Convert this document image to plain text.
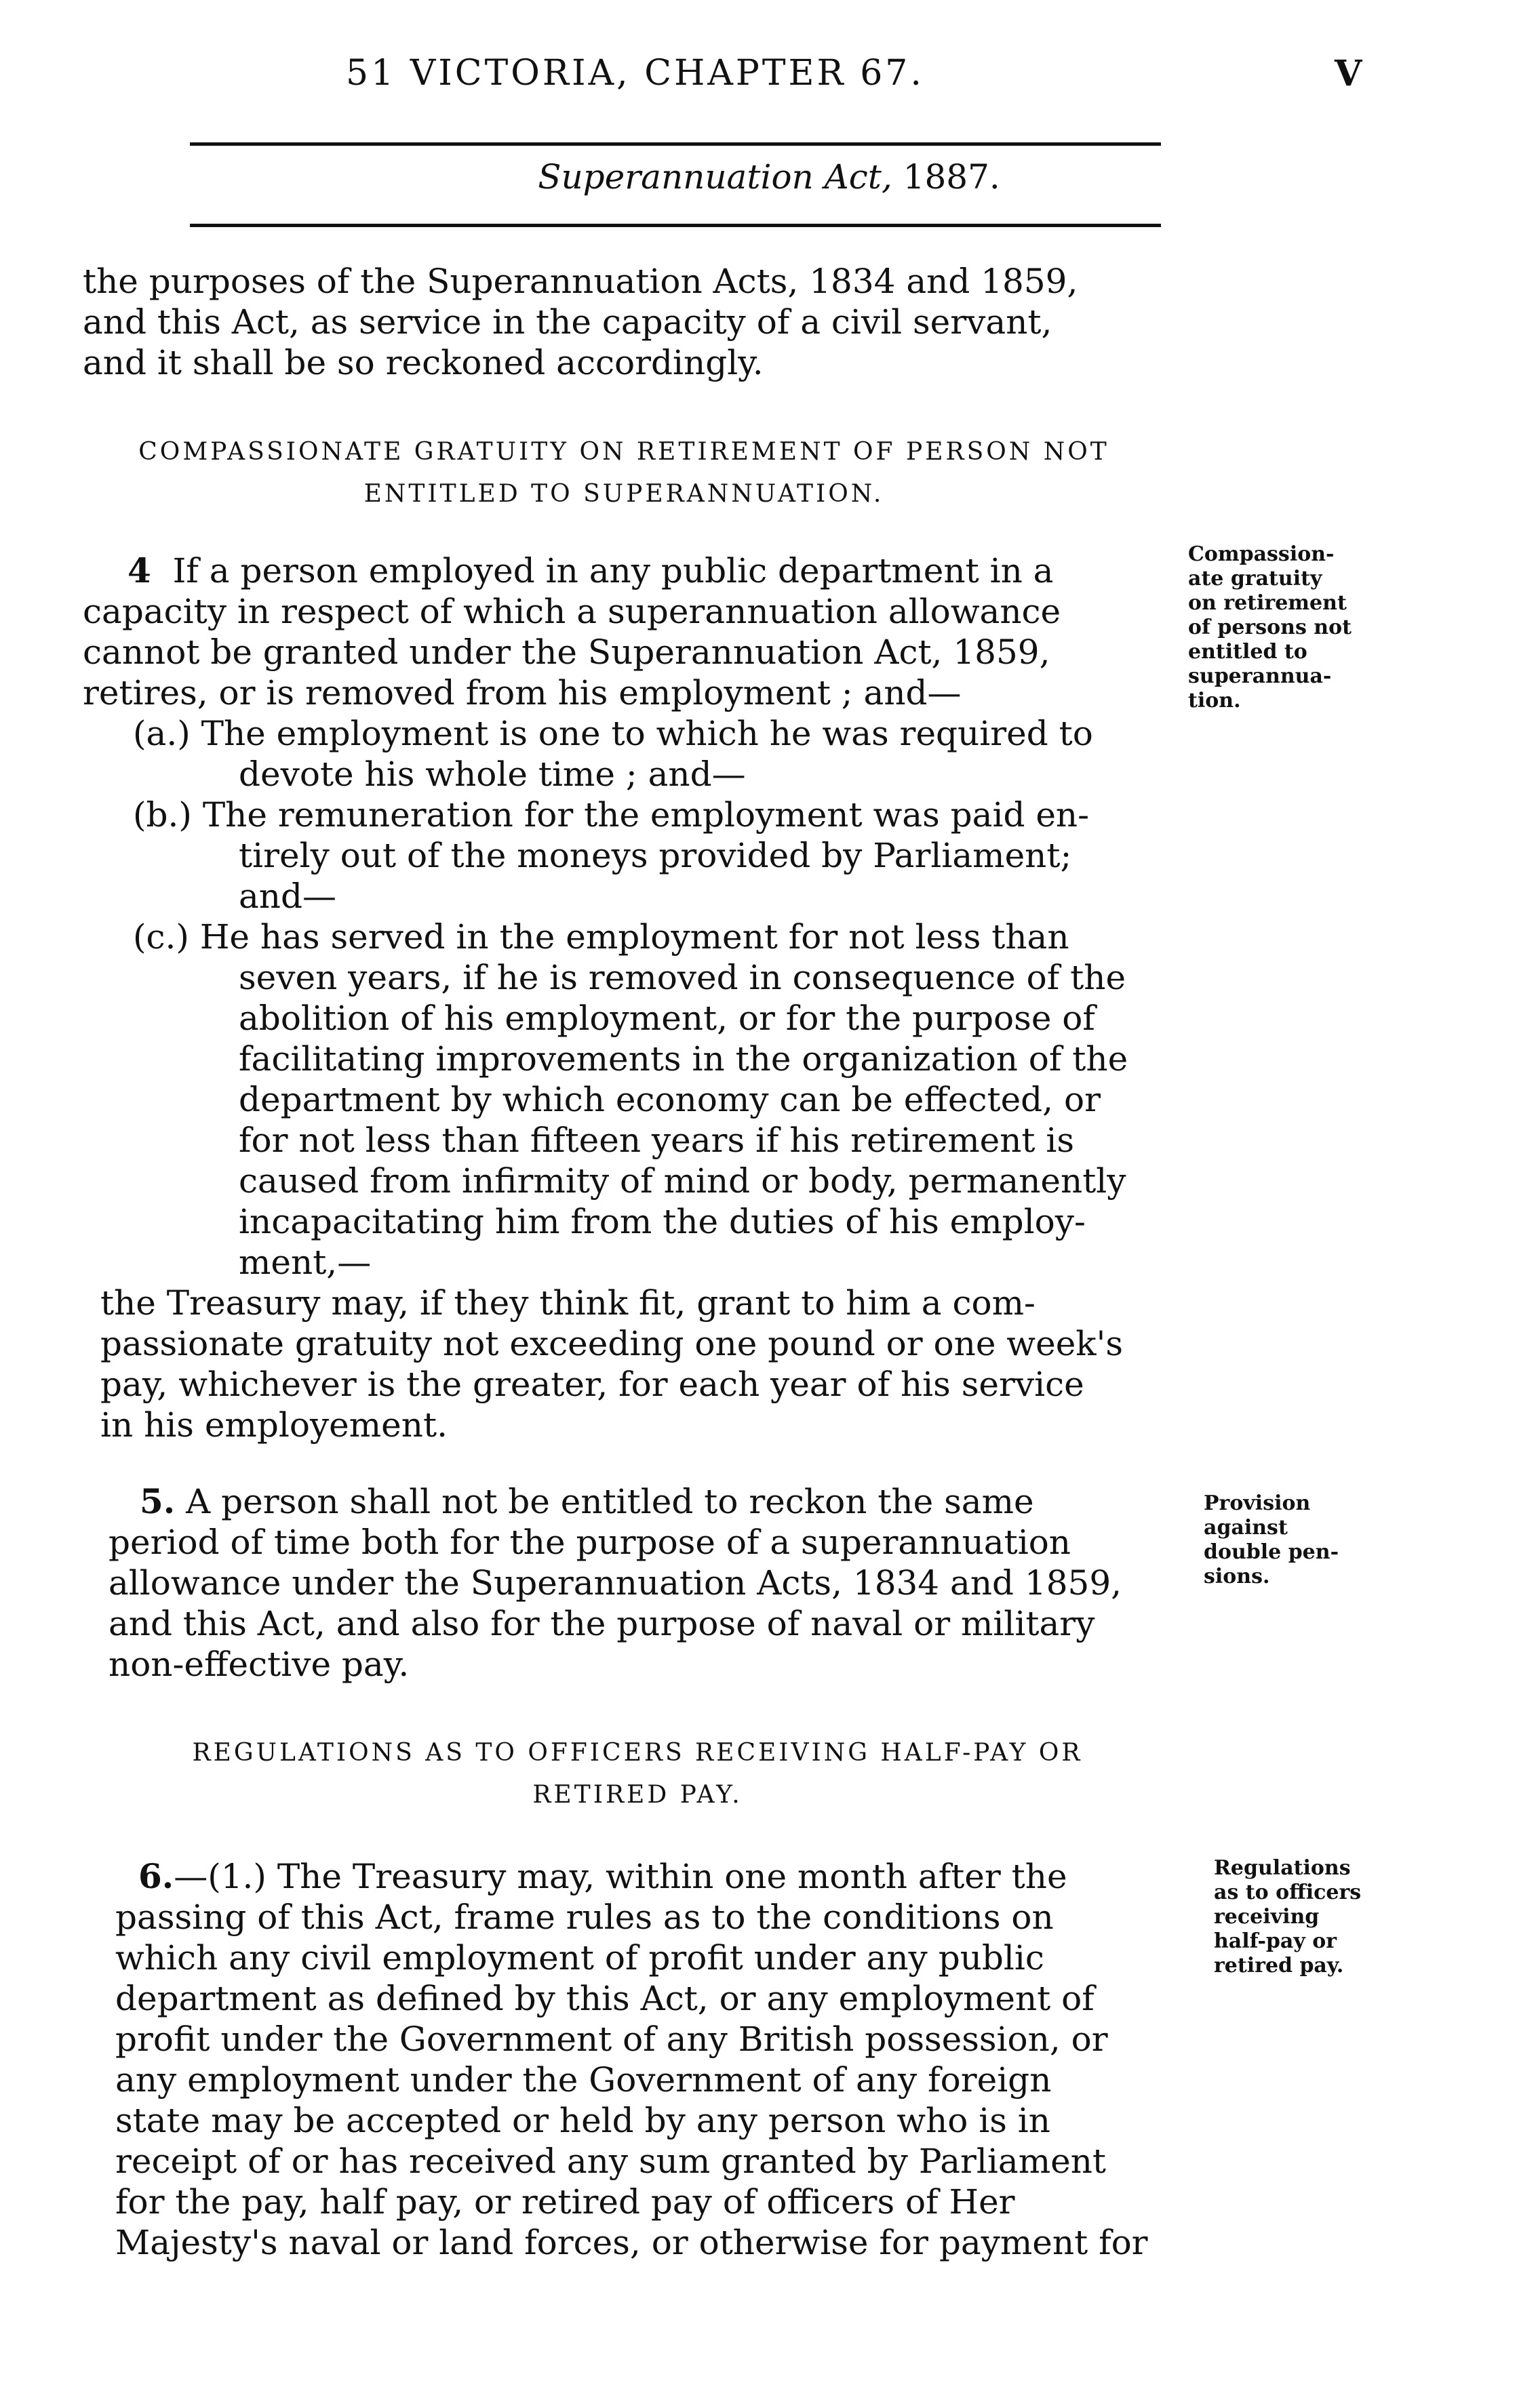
51 VICTORIA, CHAPTER 67.	V
Superannuation Act, 1887.
the purposes of the Superannuation Acts, 1834 and 1859,
and this Act, as service in the capacity of a civil servant,
and it shall be so reckoned accordingly.
COMPASSIONATE GRATUITY ON RETIREMENT OF PERSON NOT
ENTITLED TO SUPERANNUATION.
4 If a person employed in any public department in a
capacity in respect of which a superannuation allowance
cannot be granted under the Superannuation Act, 1859,
retires, or is removed from his employment ; and—
(a.) The employment is one to which he was required to
devote his whole time ; and—
(b.) The remuneration for the employment was paid en-
tirely out of the moneys provided by Parliament;
and—
(c.) He has served in the employment for not less than
seven years, if he is removed in consequence of the
abolition of his employment, or for the purpose of
facilitating improvements in the organization of the
department by which economy can be effected, or
for not less than fifteen years if his retirement is
caused from infirmity of mind or body, permanently
incapacitating him from the duties of his employ-
ment,—
the Treasury may, if they think fit, grant to him a com-
passionate gratuity not exceeding one pound or one week's
pay, whichever is the greater, for each year of his service
in his employement.
Compassion-
ate gratuity
on retirement
of persons not
entitled to
superannua-
tion.
5. A person shall not be entitled to reckon the same
period of time both for the purpose of a superannuation
allowance under the Superannuation Acts, 1834 and 1859,
and this Act, and also for the purpose of naval or military
non-effective pay.
Provision
against
double pen-
sions.
REGULATIONS AS TO OFFICERS RECEIVING HALF-PAY OR
RETIRED PAY.
6.—(1.) The Treasury may, within one month after the
passing of this Act, frame rules as to the conditions on
which any civil employment of profit under any public
department as defined by this Act, or any employment of
profit under the Government of any British possession, or
any employment under the Government of any foreign
state may be accepted or held by any person who is in
receipt of or has received any sum granted by Parliament
for the pay, half pay, or retired pay of officers of Her
Majesty's naval or land forces, or otherwise for payment for
Regulations
as to officers
receiving
half-pay or
retired pay.
